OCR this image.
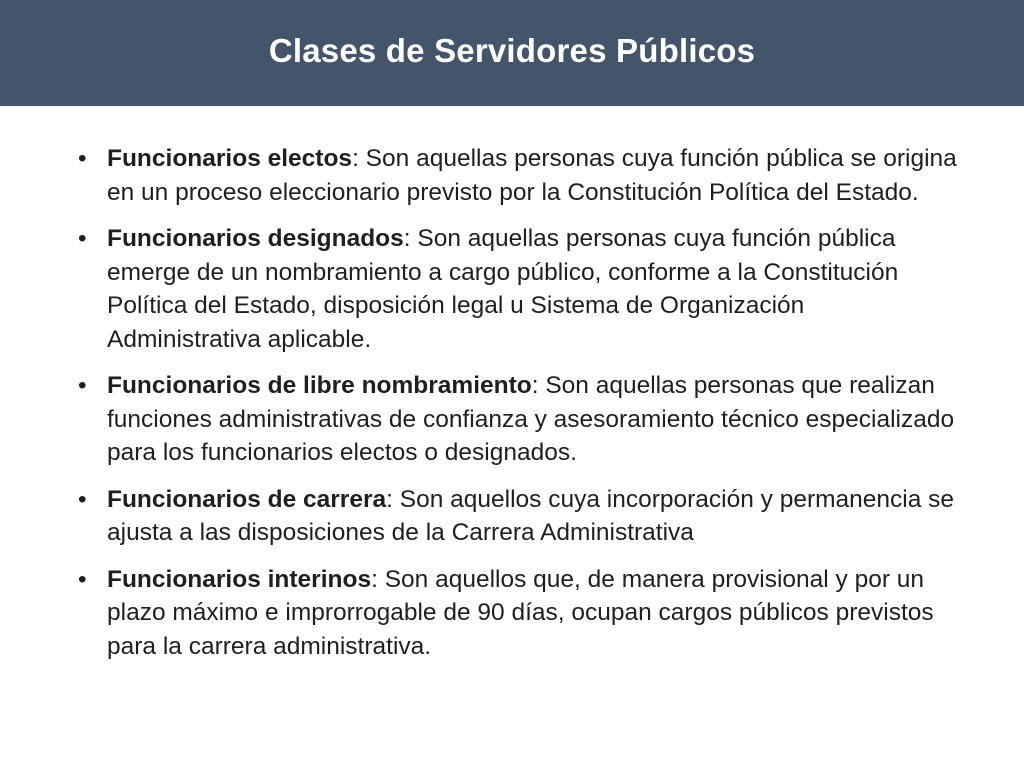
Clases de Servidores Públicos
• Funcionarios electos: Son aquellas personas cuya función pública se origina en un proceso eleccionario previsto por la Constitución Política del Estado.
• Funcionarios designados: Son aquellas personas cuya función pública emerge de un nombramiento a cargo público, conforme a la Constitución Política del Estado, disposición legal u Sistema de Organización Administrativa aplicable.
• Funcionarios de libre nombramiento: Son aquellas personas que realizan funciones administrativas de confianza y asesoramiento técnico especializado para los funcionarios electos o designados.
• Funcionarios de carrera: Son aquellos cuya incorporación y permanencia se ajusta a las disposiciones de la Carrera Administrativa
• Funcionarios interinos: Son aquellos que, de manera provisional y por un plazo máximo e improrrogable de 90 días, ocupan cargos públicos previstos para la carrera administrativa.
